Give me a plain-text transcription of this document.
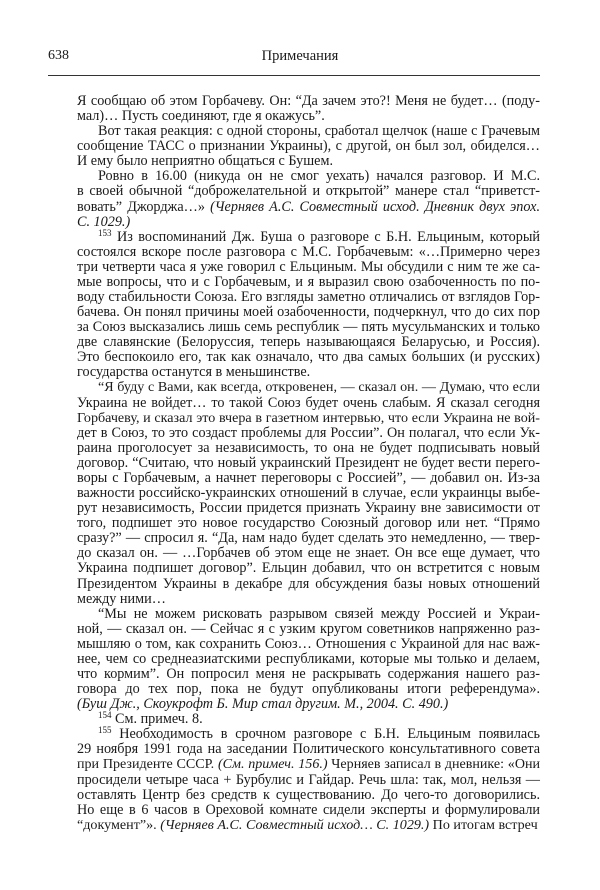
638	Примечания
Я сообщаю об этом Горбачеву. Он: “Да зачем это?! Меня не будет… (поду-
мал)… Пусть соединяют, где я окажусь”.
Вот такая реакция: с одной стороны, сработал щелчок (наше с Грачевым
сообщение ТАСС о признании Украины), с другой, он был зол, обиделся…
И ему было неприятно общаться с Бушем.
Ровно в 16.00 (никуда он не смог уехать) начался разговор. И М.С.
в своей обычной “доброжелательной и открытой” манере стал “приветст-
вовать” Джорджа…» (Черняев А.С. Совместный исход. Дневник двух эпох.
С. 1029.)
$^{153}$ Из воспоминаний Дж. Буша о разговоре с Б.Н. Ельциным, который
состоялся вскоре после разговора с М.С. Горбачевым: «…Примерно через
три четверти часа я уже говорил с Ельциным. Мы обсудили с ним те же са-
мые вопросы, что и с Горбачевым, и я выразил свою озабоченность по по-
воду стабильности Союза. Его взгляды заметно отличались от взглядов Гор-
бачева. Он понял причины моей озабоченности, подчеркнул, что до сих пор
за Союз высказались лишь семь республик — пять мусульманских и только
две славянские (Белоруссия, теперь называющаяся Беларусью, и Россия).
Это беспокоило его, так как означало, что два самых больших (и русских)
государства останутся в меньшинстве.
“Я буду с Вами, как всегда, откровенен, — сказал он. — Думаю, что если
Украина не войдет… то такой Союз будет очень слабым. Я сказал сегодня
Горбачеву, и сказал это вчера в газетном интервью, что если Украина не вой-
дет в Союз, то это создаст проблемы для России”. Он полагал, что если Ук-
раина проголосует за независимость, то она не будет подписывать новый
договор. “Считаю, что новый украинский Президент не будет вести перего-
воры с Горбачевым, а начнет переговоры с Россией”, — добавил он. Из-за
важности российско-украинских отношений в случае, если украинцы выбе-
рут независимость, России придется признать Украину вне зависимости от
того, подпишет это новое государство Союзный договор или нет. “Прямо
сразу?” — спросил я. “Да, нам надо будет сделать это немедленно, — твер-
до сказал он. — …Горбачев об этом еще не знает. Он все еще думает, что
Украина подпишет договор”. Ельцин добавил, что он встретится с новым
Президентом Украины в декабре для обсуждения базы новых отношений
между ними…
“Мы не можем рисковать разрывом связей между Россией и Украи-
ной, — сказал он. — Сейчас я с узким кругом советников напряженно раз-
мышляю о том, как сохранить Союз… Отношения с Украиной для нас важ-
нее, чем со среднеазиатскими республиками, которые мы только и делаем,
что кормим”. Он попросил меня не раскрывать содержания нашего раз-
говора до тех пор, пока не будут опубликованы итоги референдума».
(Буш Дж., Скоукрофт Б. Мир стал другим. М., 2004. С. 490.)
$^{154}$ См. примеч. 8.
$^{155}$ Необходимость в срочном разговоре с Б.Н. Ельциным появилась
29 ноября 1991 года на заседании Политического консультативного совета
при Президенте СССР. (См. примеч. 156.) Черняев записал в дневнике: «Они
просидели четыре часа + Бурбулис и Гайдар. Речь шла: так, мол, нельзя —
оставлять Центр без средств к существованию. До чего-то договорились.
Но еще в 6 часов в Ореховой комнате сидели эксперты и формулировали
“документ”». (Черняев А.С. Совместный исход… С. 1029.) По итогам встреч
